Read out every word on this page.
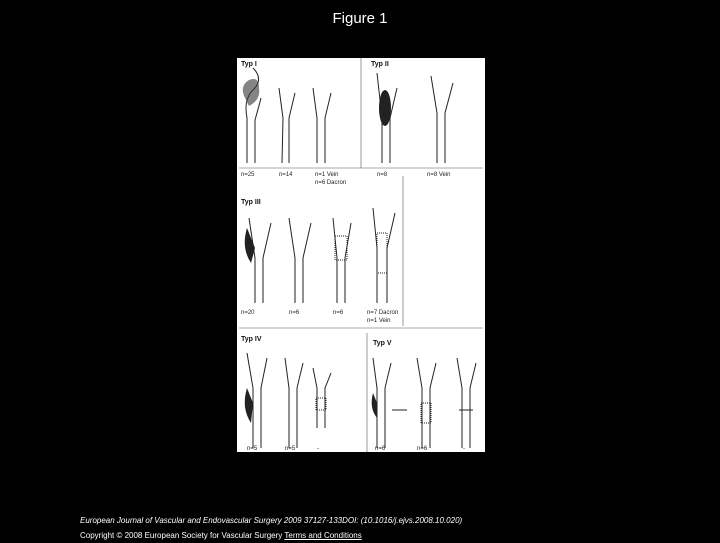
Figure 1
Typ I
n=25	n=14	n=1 Vein
n=6 Dacron
Typ II
n=8	n=8 Vein
Typ III
n=20	n=6	n=6	n=7 Dacron
n=1 Vein
Typ IV
n=5	n=5	-
Typ V
n=6	n=6	-
European Journal of Vascular and Endovascular Surgery 2009 37127-133DOI: (10.1016/j.ejvs.2008.10.020)
Copyright © 2008 European Society for Vascular Surgery Terms and Conditions
